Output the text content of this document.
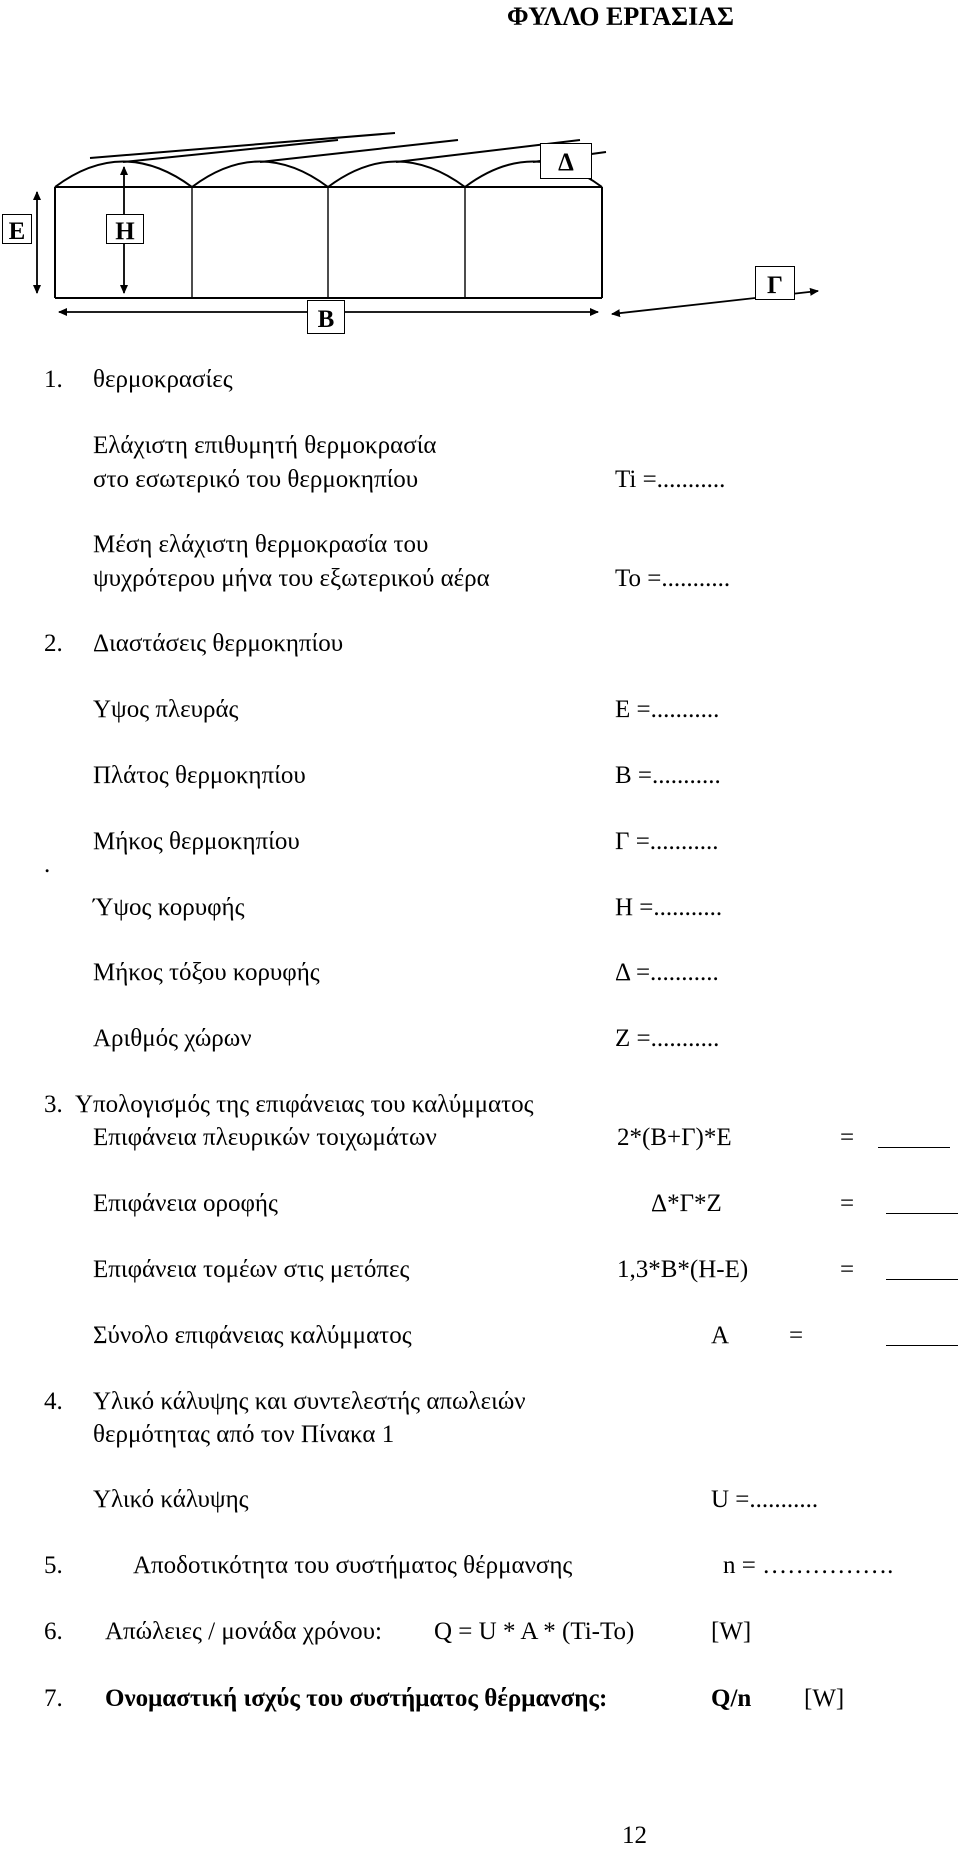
ΦΥΛΛΟ ΕΡΓΑΣΙΑΣ
Ε	Η
Β
Γ
Δ
1. θερμοκρασίες
Ελάχιστη επιθυμητή θερμοκρασία
στο εσωτερικό του θερμοκηπίου	Ti =...........
Μέση ελάχιστη θερμοκρασία του
ψυχρότερου μήνα του εξωτερικού αέρα	To =...........
2. Διαστάσεις θερμοκηπίου
Υψος πλευράς	Ε =...........
Πλάτος θερμοκηπίου	Β =...........
Μήκος θερμοκηπίου	Γ =...........
.
Ύψος κορυφής	Η =...........
Μήκος τόξου κορυφής	Δ =...........
Αριθμός χώρων	Ζ =...........
3. Υπολογισμός της επιφάνειας του καλύμματος
Επιφάνεια πλευρικών τοιχωμάτων	2*(Β+Γ)*Ε	=
Επιφάνεια οροφής	Δ*Γ*Ζ	=
Επιφάνεια τομέων στις μετόπες	1,3*Β*(Η-Ε)	=
Σύνολο επιφάνειας καλύμματος	Α =
4. Υλικό κάλυψης και συντελεστής απωλειών
θερμότητας από τον Πίνακα 1
Υλικό κάλυψης	U =...........
5.	Αποδοτικότητα του συστήματος θέρμανσης	n = …………….
6. Απώλειες / μονάδα χρόνου: Q = U * A * (Ti-To)	[W]
7. Ονομαστική ισχύς του συστήματος θέρμανσης:	Q/n [W]
12
